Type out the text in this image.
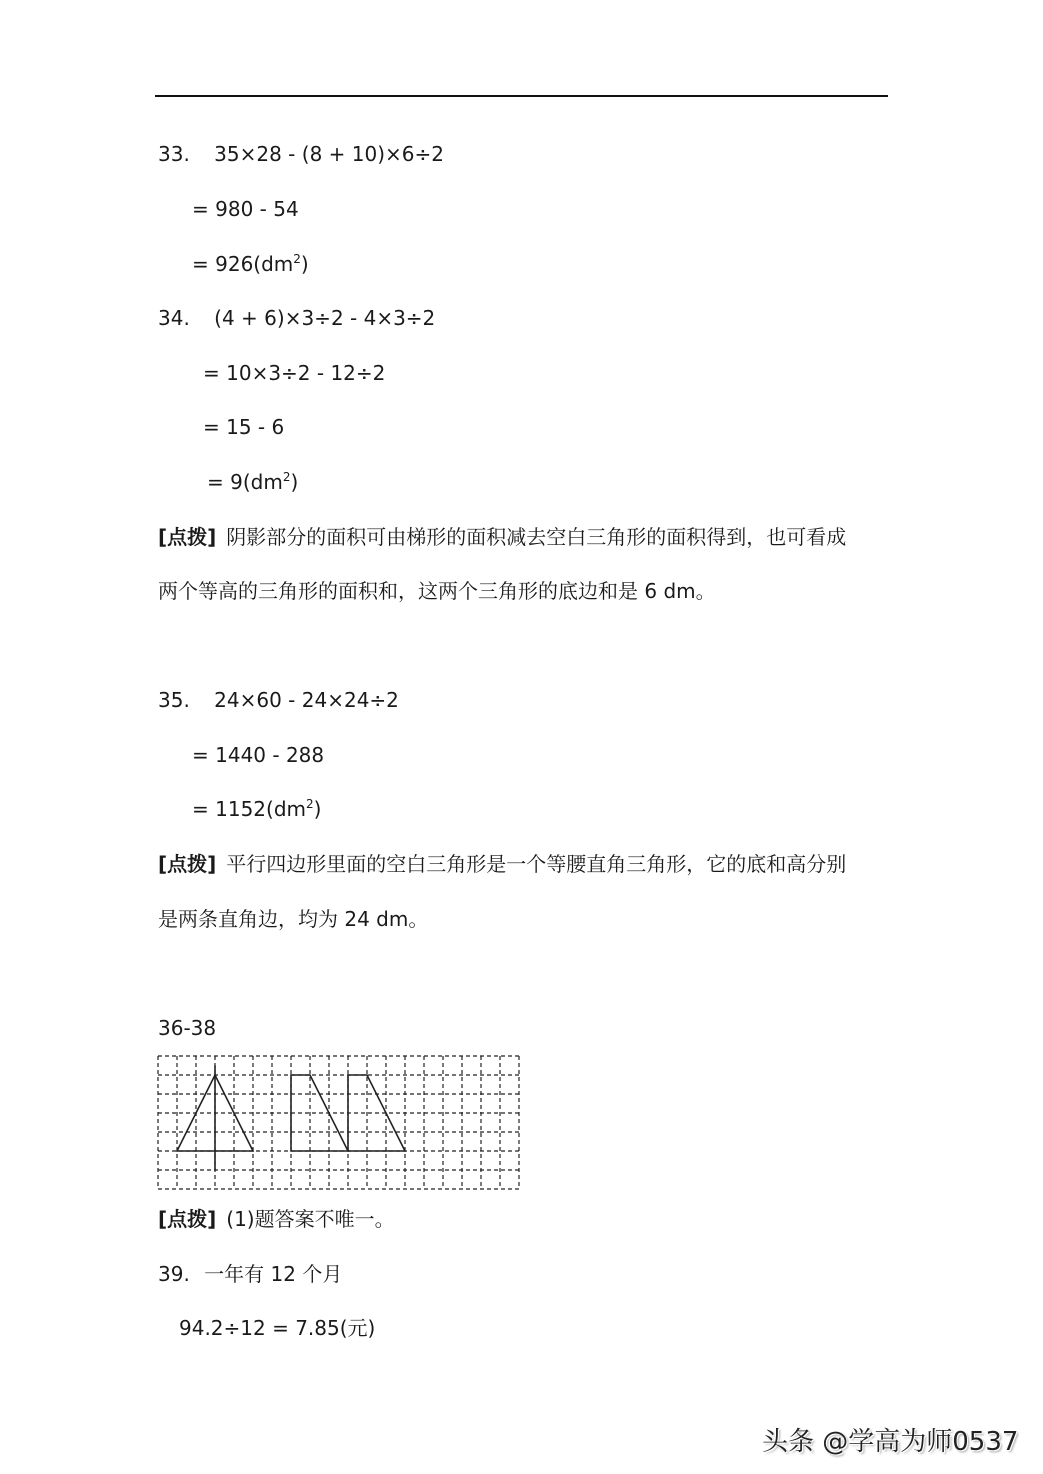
33. 35×28 - (8 + 10)×6÷2
= 980 - 54
= $926(dm^2)$
34. (4 + 6)×3÷2 - 4×3÷2
= 10×3÷2 - 12÷2
= 15 - 6
= $9(dm^2)$
[点拨] 阴影部分的面积可由梯形的面积减去空白三角形的面积得到，也可看成
两个等高的三角形的面积和，这两个三角形的底边和是 6 dm。
35. 24×60 - 24×24÷2
= 1440 - 288
= $1152(dm^2)$
[点拨] 平行四边形里面的空白三角形是一个等腰直角三角形，它的底和高分别
是两条直角边，均为 24 dm。
36-38
[点拨] (1)题答案不唯一。
39. 一年有 12 个月
94.2÷12 = 7.85(元)
头条 @学高为师0537
